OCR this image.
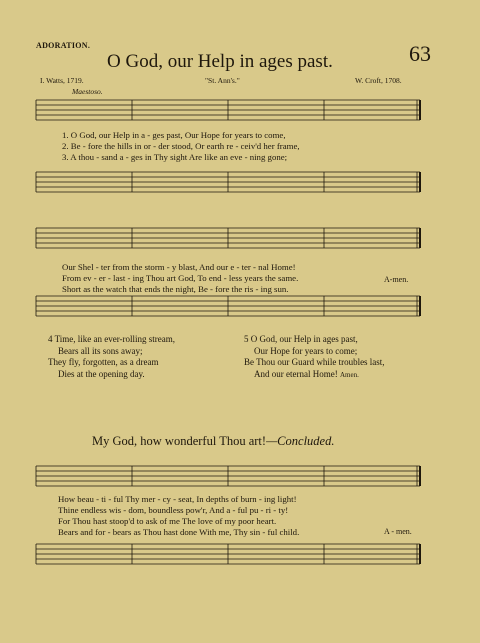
ADORATION.
O God, our Help in ages past.	63
I. Watts, 1719.	"St. Ann's."	W. Croft, 1708.
Maestoso.
1. O God, our Help in a - ges past, Our Hope for years to come,
2. Be - fore the hills in or - der stood, Or earth re - ceiv'd her frame,
3. A thou - sand a - ges in Thy sight Are like an eve - ning gone;
Our Shel - ter from the storm - y blast, And our e - ter - nal Home!
From ev - er - last - ing Thou art God, To end - less years the same.
Short as the watch that ends the night, Be - fore the ris - ing sun.
A-men.
4 Time, like an ever-rolling stream,
Bears all its sons away;
They fly, forgotten, as a dream
Dies at the opening day.
5 O God, our Help in ages past,
Our Hope for years to come;
Be Thou our Guard while troubles last,
And our eternal Home! Amen.
My God, how wonderful Thou art!—Concluded.
How beau - ti - ful Thy mer - cy - seat, In depths of burn - ing light!
Thine endless wis - dom, boundless pow'r, And a - ful pu - ri - ty!
For Thou hast stoop'd to ask of me The love of my poor heart.
Bears and for - bears as Thou hast done With me, Thy sin - ful child.	A - men.
